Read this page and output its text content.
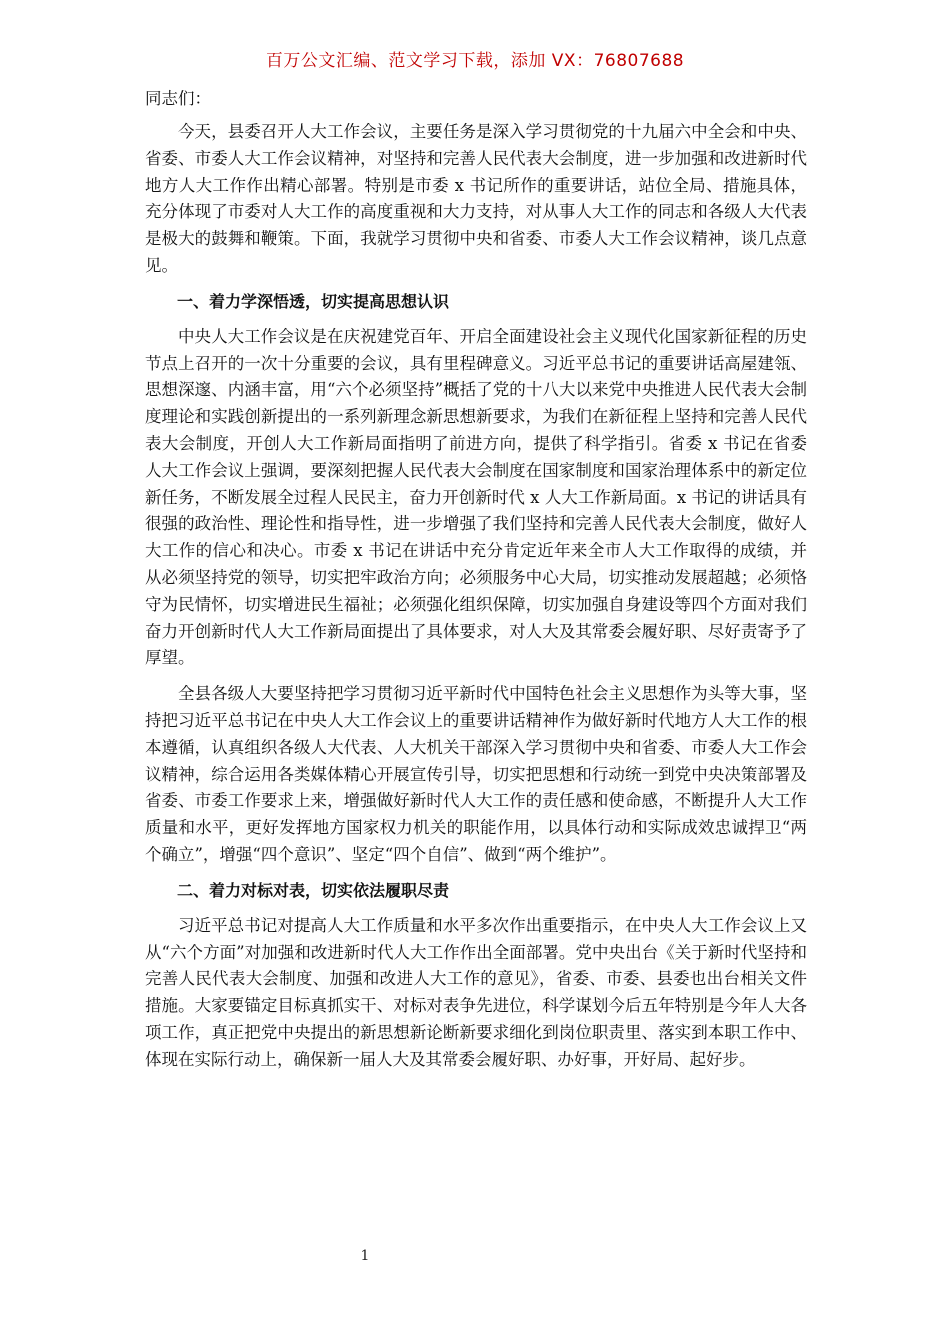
百万公文汇编、范文学习下载，添加 VX：76807688

同志们：

今天，县委召开人大工作会议，主要任务是深入学习贯彻党的十九届六中全会和中央、省委、市委人大工作会议精神，对坚持和完善人民代表大会制度，进一步加强和改进新时代地方人大工作作出精心部署。特别是市委 x 书记所作的重要讲话，站位全局、措施具体，充分体现了市委对人大工作的高度重视和大力支持，对从事人大工作的同志和各级人大代表是极大的鼓舞和鞭策。下面，我就学习贯彻中央和省委、市委人大工作会议精神，谈几点意见。

一、着力学深悟透，切实提高思想认识

中央人大工作会议是在庆祝建党百年、开启全面建设社会主义现代化国家新征程的历史节点上召开的一次十分重要的会议，具有里程碑意义。习近平总书记的重要讲话高屋建瓴、思想深邃、内涵丰富，用“六个必须坚持”概括了党的十八大以来党中央推进人民代表大会制度理论和实践创新提出的一系列新理念新思想新要求，为我们在新征程上坚持和完善人民代表大会制度，开创人大工作新局面指明了前进方向，提供了科学指引。省委 x 书记在省委人大工作会议上强调，要深刻把握人民代表大会制度在国家制度和国家治理体系中的新定位新任务，不断发展全过程人民民主，奋力开创新时代 x 人大工作新局面。x 书记的讲话具有很强的政治性、理论性和指导性，进一步增强了我们坚持和完善人民代表大会制度，做好人大工作的信心和决心。市委 x 书记在讲话中充分肯定近年来全市人大工作取得的成绩，并从必须坚持党的领导，切实把牢政治方向；必须服务中心大局，切实推动发展超越；必须恪守为民情怀，切实增进民生福祉；必须强化组织保障，切实加强自身建设等四个方面对我们奋力开创新时代人大工作新局面提出了具体要求，对人大及其常委会履好职、尽好责寄予了厚望。

全县各级人大要坚持把学习贯彻习近平新时代中国特色社会主义思想作为头等大事，坚持把习近平总书记在中央人大工作会议上的重要讲话精神作为做好新时代地方人大工作的根本遵循，认真组织各级人大代表、人大机关干部深入学习贯彻中央和省委、市委人大工作会议精神，综合运用各类媒体精心开展宣传引导，切实把思想和行动统一到党中央决策部署及省委、市委工作要求上来，增强做好新时代人大工作的责任感和使命感，不断提升人大工作质量和水平，更好发挥地方国家权力机关的职能作用，以具体行动和实际成效忠诚捍卫“两个确立”，增强“四个意识”、坚定“四个自信”、做到“两个维护”。

二、着力对标对表，切实依法履职尽责

习近平总书记对提高人大工作质量和水平多次作出重要指示，在中央人大工作会议上又从“六个方面”对加强和改进新时代人大工作作出全面部署。党中央出台《关于新时代坚持和完善人民代表大会制度、加强和改进人大工作的意见》，省委、市委、县委也出台相关文件措施。大家要锚定目标真抓实干、对标对表争先进位，科学谋划今后五年特别是今年人大各项工作，真正把党中央提出的新思想新论断新要求细化到岗位职责里、落实到本职工作中、体现在实际行动上，确保新一届人大及其常委会履好职、办好事，开好局、起好步。

1
